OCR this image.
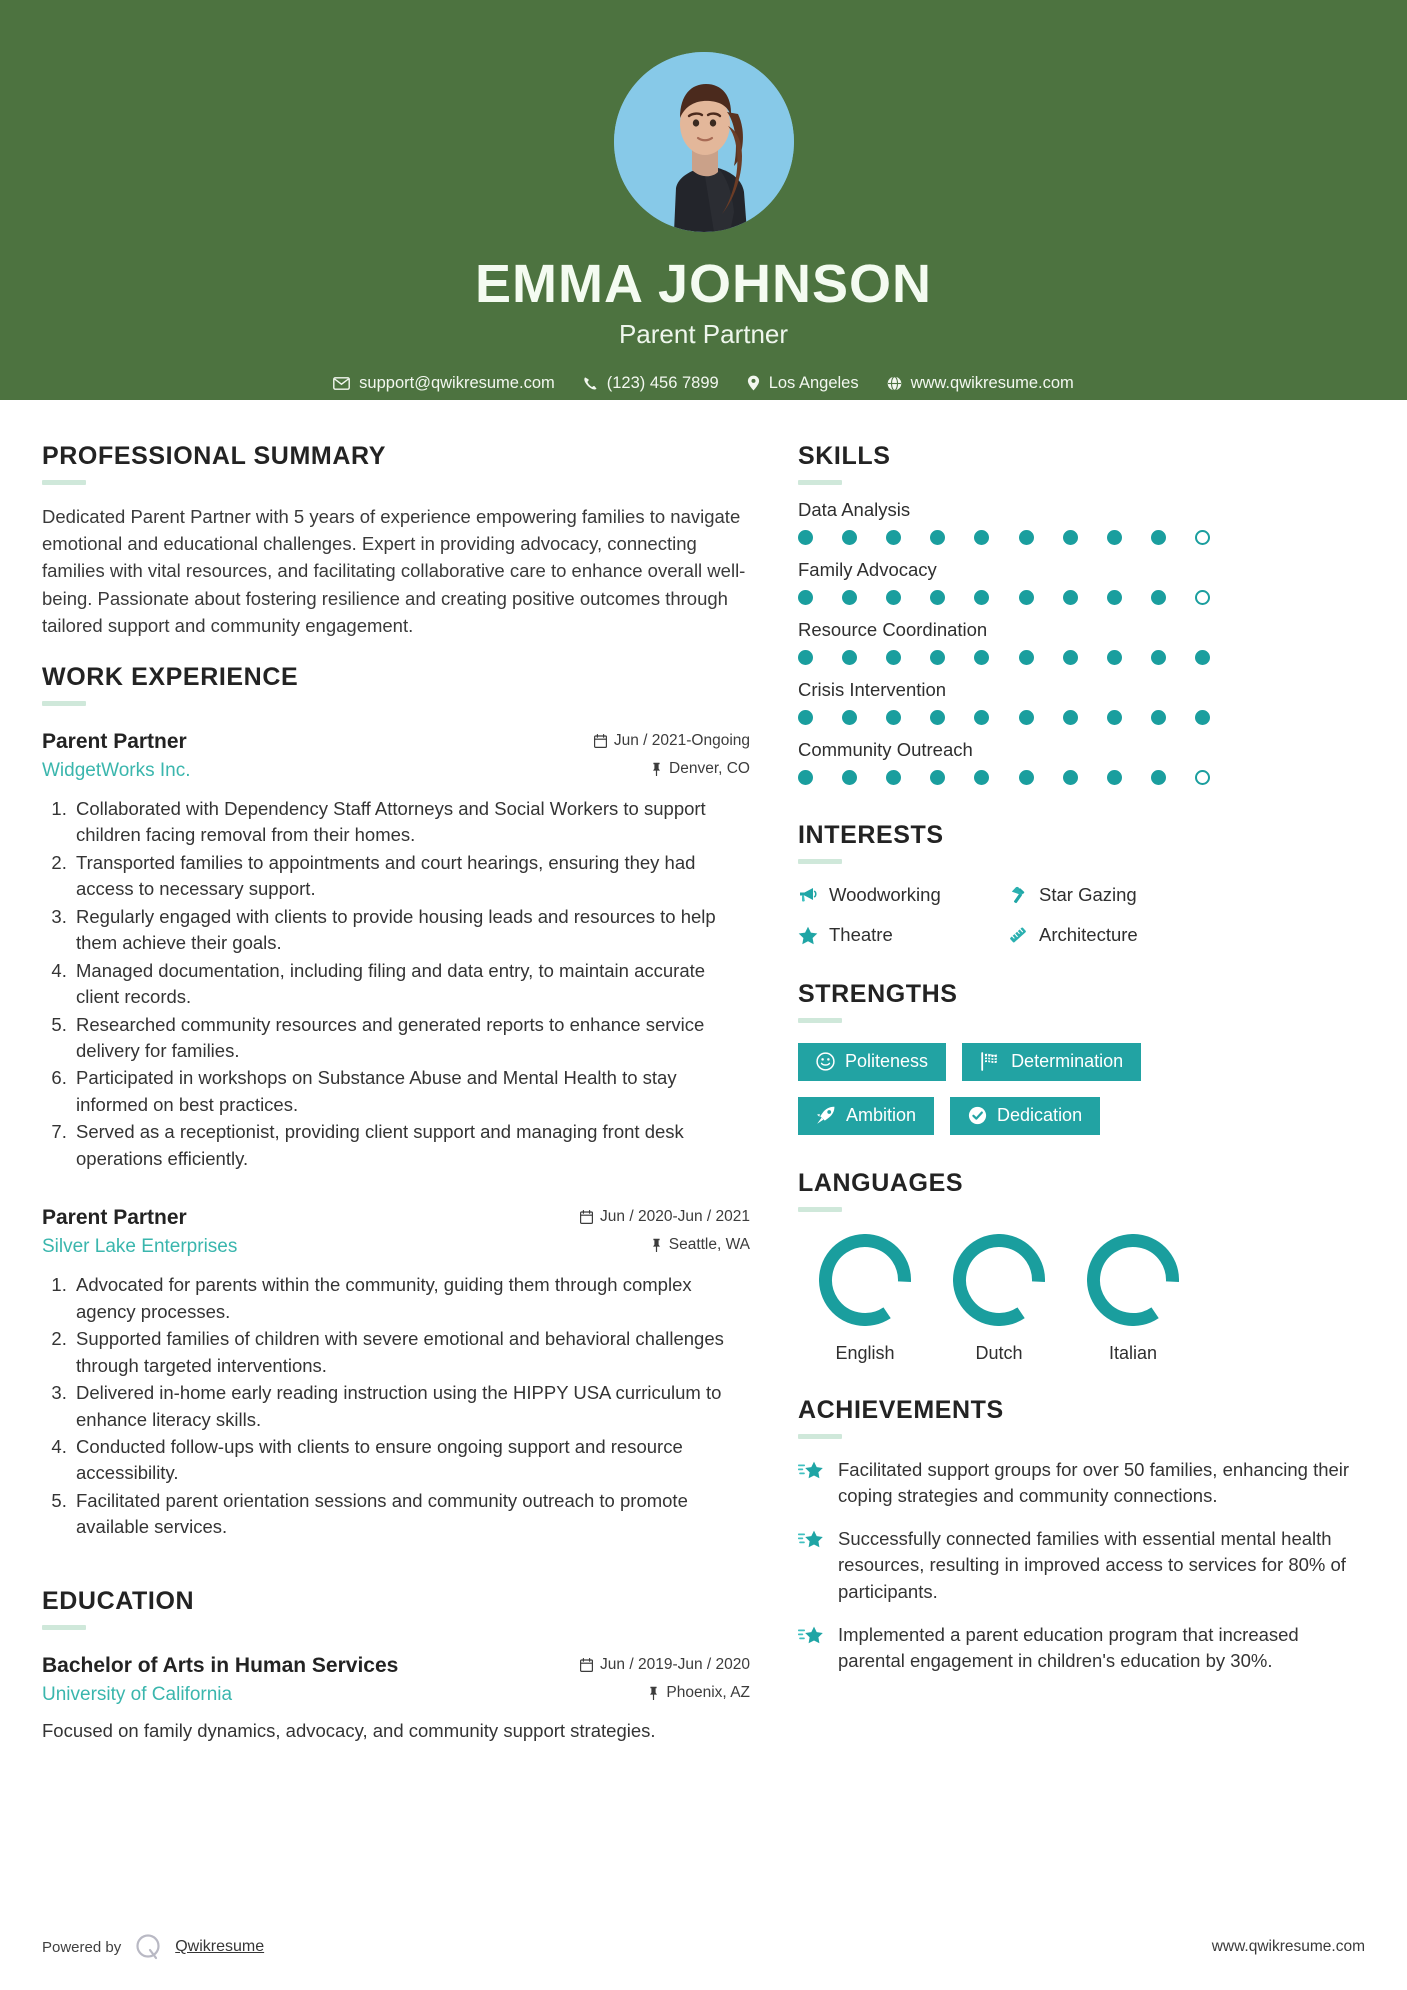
EMMA JOHNSON
Parent Partner
support@qwikresume.com	(123) 456 7899	Los Angeles	www.qwikresume.com
PROFESSIONAL SUMMARY

Dedicated Parent Partner with 5 years of experience empowering families to navigate emotional and educational challenges. Expert in providing advocacy, connecting families with vital resources, and facilitating collaborative care to enhance overall well-being. Passionate about fostering resilience and creating positive outcomes through tailored support and community engagement.

WORK EXPERIENCE
Parent Partner	Jun / 2021-Ongoing
WidgetWorks Inc.	Denver, CO
1. Collaborated with Dependency Staff Attorneys and Social Workers to support children facing removal from their homes.
2. Transported families to appointments and court hearings, ensuring they had access to necessary support.
3. Regularly engaged with clients to provide housing leads and resources to help them achieve their goals.
4. Managed documentation, including filing and data entry, to maintain accurate client records.
5. Researched community resources and generated reports to enhance service delivery for families.
6. Participated in workshops on Substance Abuse and Mental Health to stay informed on best practices.
7. Served as a receptionist, providing client support and managing front desk operations efficiently.
Parent Partner	Jun / 2020-Jun / 2021
Silver Lake Enterprises	Seattle, WA
1. Advocated for parents within the community, guiding them through complex agency processes.
2. Supported families of children with severe emotional and behavioral challenges through targeted interventions.
3. Delivered in-home early reading instruction using the HIPPY USA curriculum to enhance literacy skills.
4. Conducted follow-ups with clients to ensure ongoing support and resource accessibility.
5. Facilitated parent orientation sessions and community outreach to promote available services.
EDUCATION
Bachelor of Arts in Human Services	Jun / 2019-Jun / 2020
University of California	Phoenix, AZ
Focused on family dynamics, advocacy, and community support strategies.
SKILLS
Data Analysis
Family Advocacy
Resource Coordination
Crisis Intervention
Community Outreach
INTERESTS
Woodworking	Star Gazing
Theatre	Architecture
STRENGTHS
Politeness	Determination
Ambition	Dedication
LANGUAGES
English	Dutch	Italian
ACHIEVEMENTS
Facilitated support groups for over 50 families, enhancing their coping strategies and community connections.
Successfully connected families with essential mental health resources, resulting in improved access to services for 80% of participants.
Implemented a parent education program that increased parental engagement in children's education by 30%.
Powered by	Qwikresume	www.qwikresume.com
